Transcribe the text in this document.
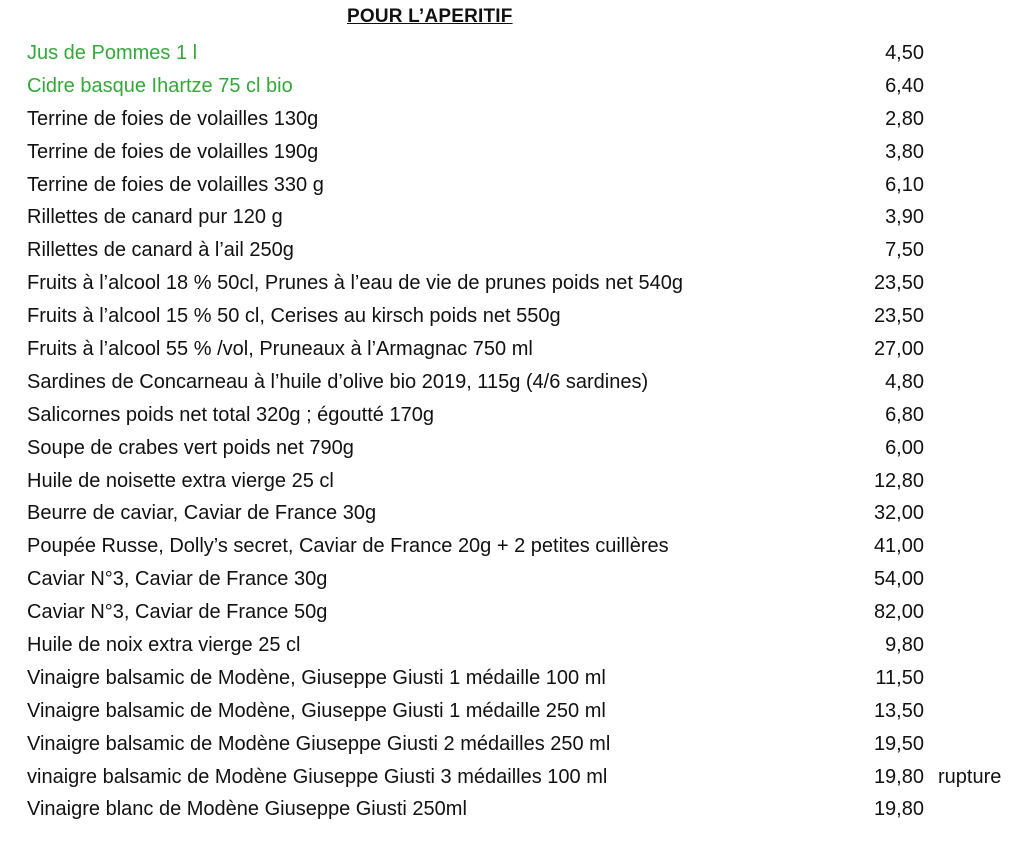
POUR L’APERITIF
Jus de Pommes 1 l	4,50
Cidre basque Ihartze 75 cl bio	6,40
Terrine de foies de volailles 130g	2,80
Terrine de foies de volailles 190g	3,80
Terrine de foies de volailles 330 g	6,10
Rillettes de canard pur 120 g	3,90
Rillettes de canard à l’ail 250g	7,50
Fruits à l’alcool 18 % 50cl, Prunes à l’eau de vie de prunes poids net 540g	23,50
Fruits à l’alcool 15 % 50 cl, Cerises au kirsch poids net 550g	23,50
Fruits à l’alcool 55 % /vol, Pruneaux à l’Armagnac 750 ml	27,00
Sardines de Concarneau à l’huile d’olive bio 2019, 115g (4/6 sardines)	4,80
Salicornes poids net total 320g ; égoutté 170g	6,80
Soupe de crabes vert poids net 790g	6,00
Huile de noisette extra vierge 25 cl	12,80
Beurre de caviar, Caviar de France 30g	32,00
Poupée Russe, Dolly’s secret, Caviar de France 20g + 2 petites cuillères	41,00
Caviar N°3, Caviar de France 30g	54,00
Caviar N°3, Caviar de France 50g	82,00
Huile de noix extra vierge 25 cl	9,80
Vinaigre balsamic de Modène, Giuseppe Giusti 1 médaille 100 ml	11,50
Vinaigre balsamic de Modène, Giuseppe Giusti 1 médaille 250 ml	13,50
Vinaigre balsamic de Modène Giuseppe Giusti 2 médailles 250 ml	19,50
vinaigre balsamic de Modène Giuseppe Giusti 3 médailles 100 ml	19,80 rupture
Vinaigre blanc de Modène Giuseppe Giusti 250ml	19,80
